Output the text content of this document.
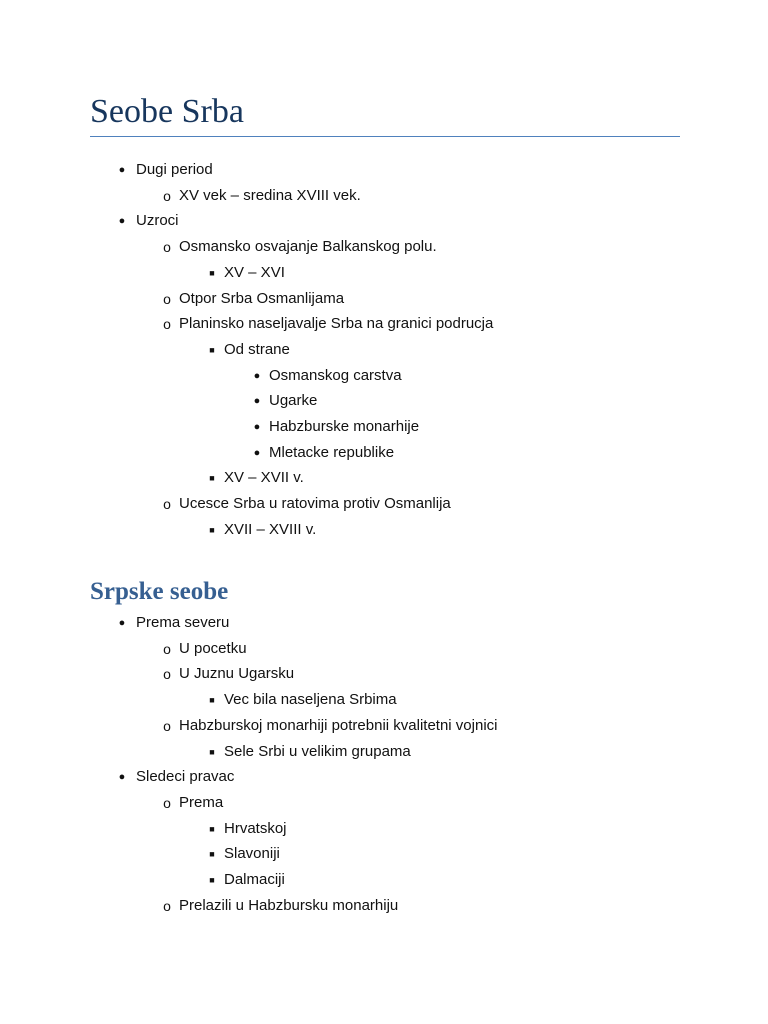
Seobe Srba
● Dugi period
o XV vek – sredina XVIII vek.
● Uzroci
o Osmansko osvajanje Balkanskog polu.
■ XV – XVI
o Otpor Srba Osmanlijama
o Planinsko naseljavalje Srba na granici podrucja
■ Od strane
● Osmanskog carstva
● Ugarke
● Habzburske monarhije
● Mletacke republike
■ XV – XVII v.
o Ucesce Srba u ratovima protiv Osmanlija
■ XVII – XVIII v.
Srpske seobe
● Prema severu
o U pocetku
o U Juznu Ugarsku
■ Vec bila naseljena Srbima
o Habzburskoj monarhiji potrebnii kvalitetni vojnici
■ Sele Srbi u velikim grupama
● Sledeci pravac
o Prema
■ Hrvatskoj
■ Slavoniji
■ Dalmaciji
o Prelazili u Habzbursku monarhiju
